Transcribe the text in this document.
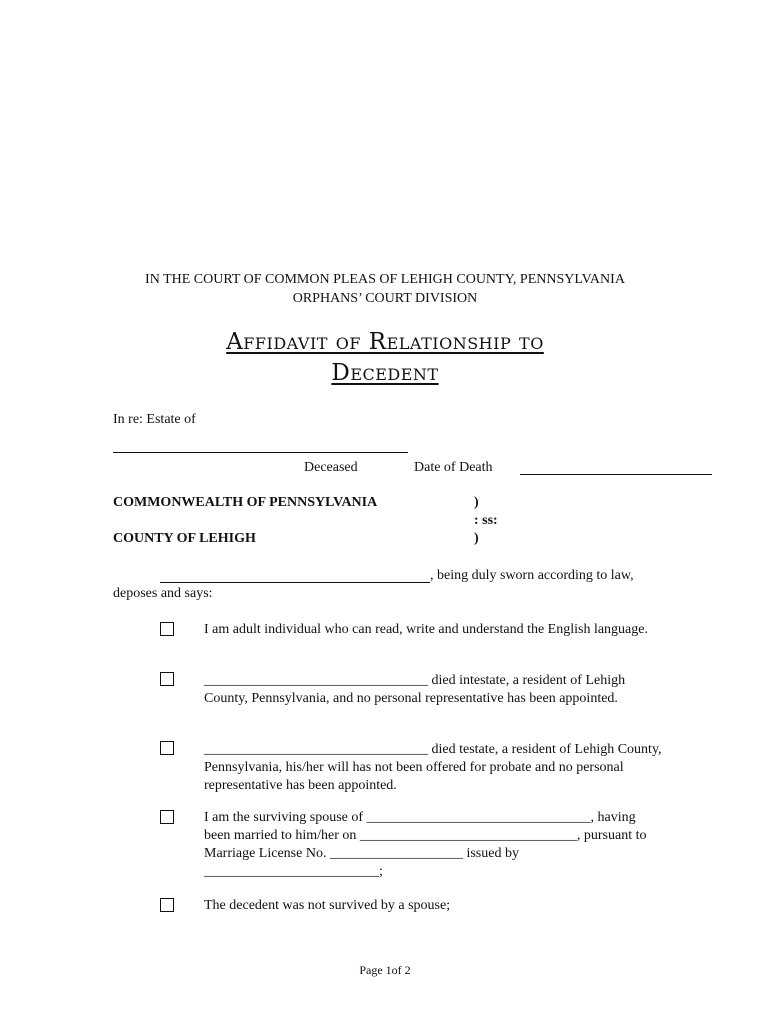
IN THE COURT OF COMMON PLEAS OF LEHIGH COUNTY, PENNSYLVANIA
ORPHANS’ COURT DIVISION
Affidavit of Relationship to
Decedent
In re: Estate of
Deceased	Date of Death
COMMONWEALTH OF PENNSYLVANIA	)
: ss:
COUNTY OF LEHIGH	)
, being duly sworn according to law,
deposes and says:
I am adult individual who can read, write and understand the English language.
________________________________ died intestate, a resident of Lehigh County, Pennsylvania, and no personal representative has been appointed.
________________________________ died testate, a resident of Lehigh County, Pennsylvania, his/her will has not been offered for probate and no personal representative has been appointed.
I am the surviving spouse of ________________________________, having been married to him/her on _______________________________, pursuant to Marriage License No. ___________________ issued by _________________________;
The decedent was not survived by a spouse;
Page 1of 2
